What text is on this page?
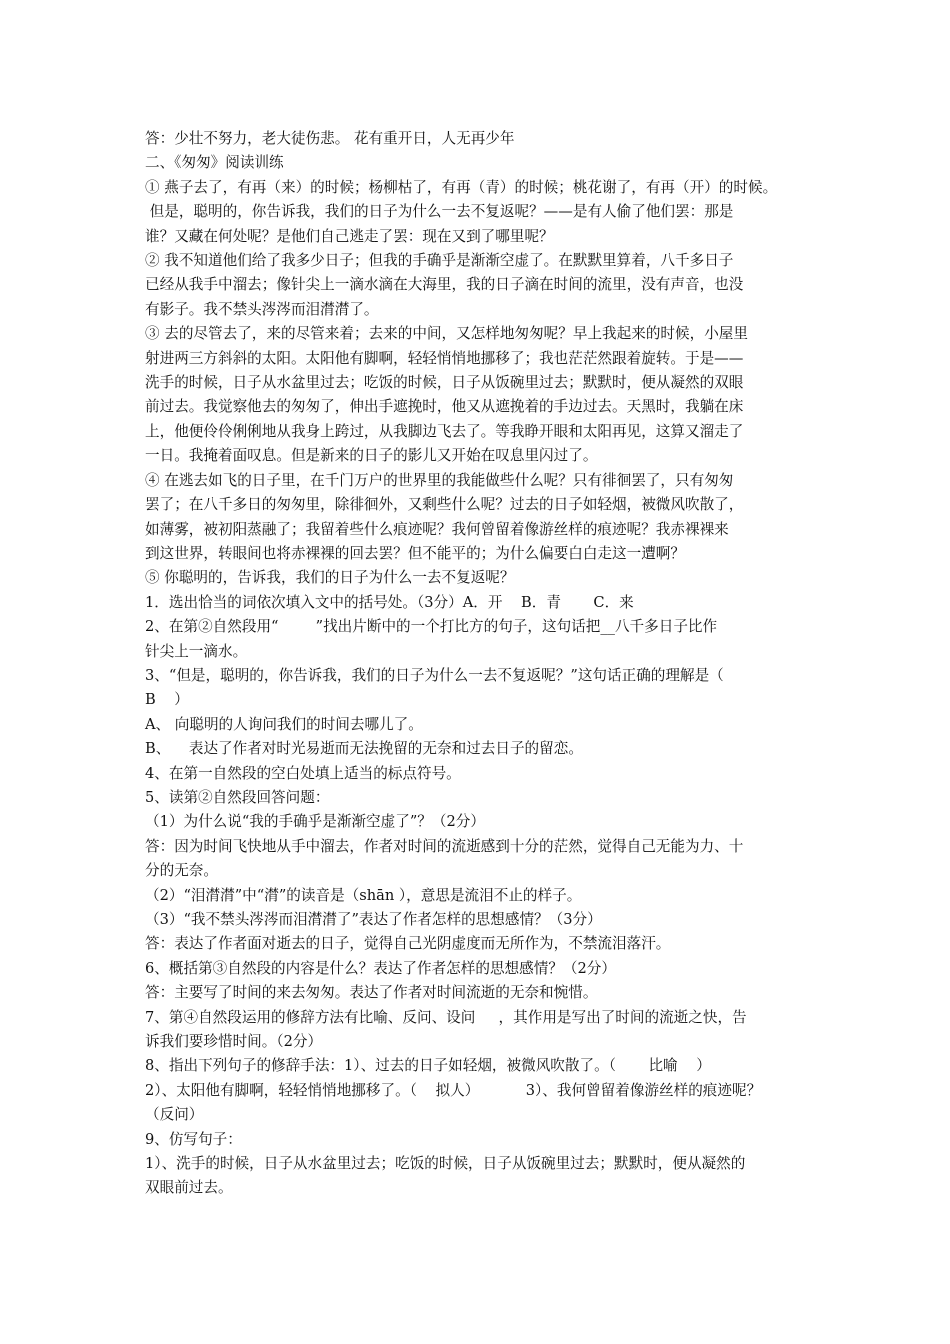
答：少壮不努力，老大徒伤悲。 花有重开日，人无再少年

二、《匆匆》阅读训练

① 燕子去了，有再（来）的时候；杨柳枯了，有再（青）的时候；桃花谢了，有再（开）的时候。

但是，聪明的，你告诉我，我们的日子为什么一去不复返呢？——是有人偷了他们罢：那是

谁？又藏在何处呢？是他们自己逃走了罢：现在又到了哪里呢？

② 我不知道他们给了我多少日子；但我的手确乎是渐渐空虚了。在默默里算着，八千多日子

已经从我手中溜去；像针尖上一滴水滴在大海里，我的日子滴在时间的流里，没有声音，也没

有影子。我不禁头涔涔而泪潸潸了。

③ 去的尽管去了，来的尽管来着；去来的中间，又怎样地匆匆呢？早上我起来的时候，小屋里

射进两三方斜斜的太阳。太阳他有脚啊，轻轻悄悄地挪移了；我也茫茫然跟着旋转。于是——

洗手的时候，日子从水盆里过去；吃饭的时候，日子从饭碗里过去；默默时，便从凝然的双眼

前过去。我觉察他去的匆匆了，伸出手遮挽时，他又从遮挽着的手边过去。天黑时，我躺在床

上，他便伶伶俐俐地从我身上跨过，从我脚边飞去了。等我睁开眼和太阳再见，这算又溜走了

一日。我掩着面叹息。但是新来的日子的影儿又开始在叹息里闪过了。

④ 在逃去如飞的日子里，在千门万户的世界里的我能做些什么呢？只有徘徊罢了，只有匆匆

罢了；在八千多日的匆匆里，除徘徊外，又剩些什么呢？过去的日子如轻烟，被微风吹散了，

如薄雾，被初阳蒸融了；我留着些什么痕迹呢？我何曾留着像游丝样的痕迹呢？我赤裸裸来

到这世界，转眼间也将赤裸裸的回去罢？但不能平的；为什么偏要白白走这一遭啊？

⑤ 你聪明的，告诉我，我们的日子为什么一去不复返呢？

1．选出恰当的词依次填入文中的括号处。（3分）A．开    B．青       C．来

2、在第②自然段用“        ”找出片断中的一个打比方的句子，这句话把__八千多日子比作

针尖上一滴水。

3、“但是，聪明的，你告诉我，我们的日子为什么一去不复返呢？”这句话正确的理解是（

B    ）

A、 向聪明的人询问我们的时间去哪儿了。

B、    表达了作者对时光易逝而无法挽留的无奈和过去日子的留恋。

4、在第一自然段的空白处填上适当的标点符号。

5、读第②自然段回答问题：

（1）为什么说“我的手确乎是渐渐空虚了”？（2分）

答：因为时间飞快地从手中溜去，作者对时间的流逝感到十分的茫然，觉得自己无能为力、十

分的无奈。

（2）“泪潸潸”中“潸”的读音是（shān ），意思是流泪不止的样子。

（3）“我不禁头涔涔而泪潸潸了”表达了作者怎样的思想感情？（3分）

答：表达了作者面对逝去的日子，觉得自己光阴虚度而无所作为，不禁流泪落汗。

6、概括第③自然段的内容是什么？表达了作者怎样的思想感情？（2分）

答：主要写了时间的来去匆匆。表达了作者对时间流逝的无奈和惋惜。

7、第④自然段运用的修辞方法有比喻、反问、设问     ，其作用是写出了时间的流逝之快，告

诉我们要珍惜时间。（2分）

8、指出下列句子的修辞手法：1）、过去的日子如轻烟，被微风吹散了。（       比喻    ）

2）、太阳他有脚啊，轻轻悄悄地挪移了。（    拟人）          3）、我何曾留着像游丝样的痕迹呢？

（反问）

9、仿写句子：

1）、洗手的时候，日子从水盆里过去；吃饭的时候，日子从饭碗里过去；默默时，便从凝然的

双眼前过去。
